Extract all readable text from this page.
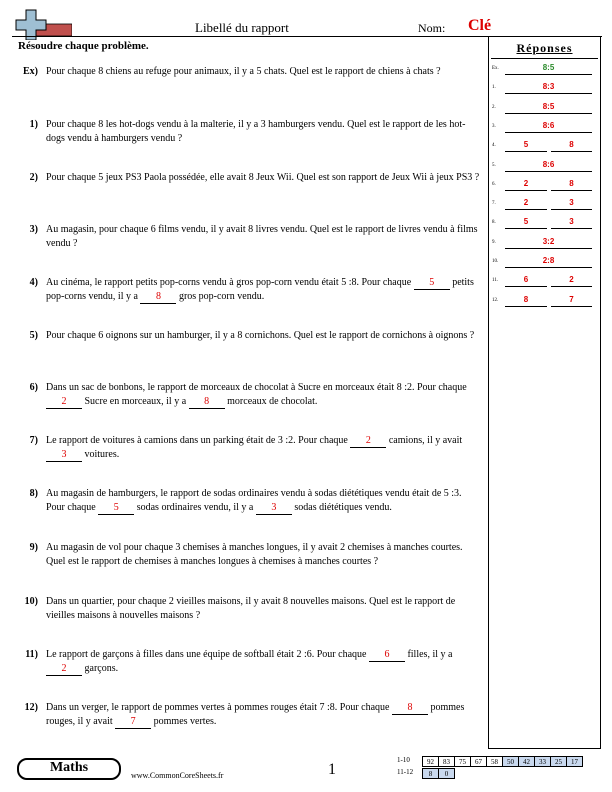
Libellé du rapport	Nom: Clé
Résoudre chaque problème.	Réponses
Ex.	8:5
1.	8:3
2.	8:5
3.	8:6
4.	5	8
5.	8:6
6.	2	8
7.	2	3
8.	5	3
9.	3:2
10.	2:8
11.	6	2
12.	8	7
Ex) Pour chaque 8 chiens au refuge pour animaux, il y a 5 chats. Quel est le rapport de chiens à chats ?
1) Pour chaque 8 les hot-dogs vendu à la malterie, il y a 3 hamburgers vendu. Quel est le rapport de les hot-dogs vendu à hamburgers vendu ?
2) Pour chaque 5 jeux PS3 Paola possédée, elle avait 8 Jeux Wii. Quel est son rapport de Jeux Wii à jeux PS3 ?
3) Au magasin, pour chaque 6 films vendu, il y avait 8 livres vendu. Quel est le rapport de livres vendu à films vendu ?
4) Au cinéma, le rapport petits pop-corns vendu à gros pop-corn vendu était 5 :8. Pour chaque 5 petits pop-corns vendu, il y a 8 gros pop-corn vendu.
5) Pour chaque 6 oignons sur un hamburger, il y a 8 cornichons. Quel est le rapport de cornichons à oignons ?
6) Dans un sac de bonbons, le rapport de morceaux de chocolat à Sucre en morceaux était 8 :2. Pour chaque 2 Sucre en morceaux, il y a 8 morceaux de chocolat.
7) Le rapport de voitures à camions dans un parking était de 3 :2. Pour chaque 2 camions, il y avait 3 voitures.
8) Au magasin de hamburgers, le rapport de sodas ordinaires vendu à sodas diététiques vendu était de 5 :3. Pour chaque 5 sodas ordinaires vendu, il y a 3 sodas diététiques vendu.
9) Au magasin de vol pour chaque 3 chemises à manches longues, il y avait 2 chemises à manches courtes. Quel est le rapport de chemises à manches longues à chemises à manches courtes ?
10) Dans un quartier, pour chaque 2 vieilles maisons, il y avait 8 nouvelles maisons. Quel est le rapport de vieilles maisons à nouvelles maisons ?
11) Le rapport de garçons à filles dans une équipe de softball était 2 :6. Pour chaque 6 filles, il y a 2 garçons.
12) Dans un verger, le rapport de pommes vertes à pommes rouges était 7 :8. Pour chaque 8 pommes rouges, il y avait 7 pommes vertes.
Maths
www.CommonCoreSheets.fr	1
1-10 92	83	75	67	58	50	42	33	25	17
11-12 8	0
